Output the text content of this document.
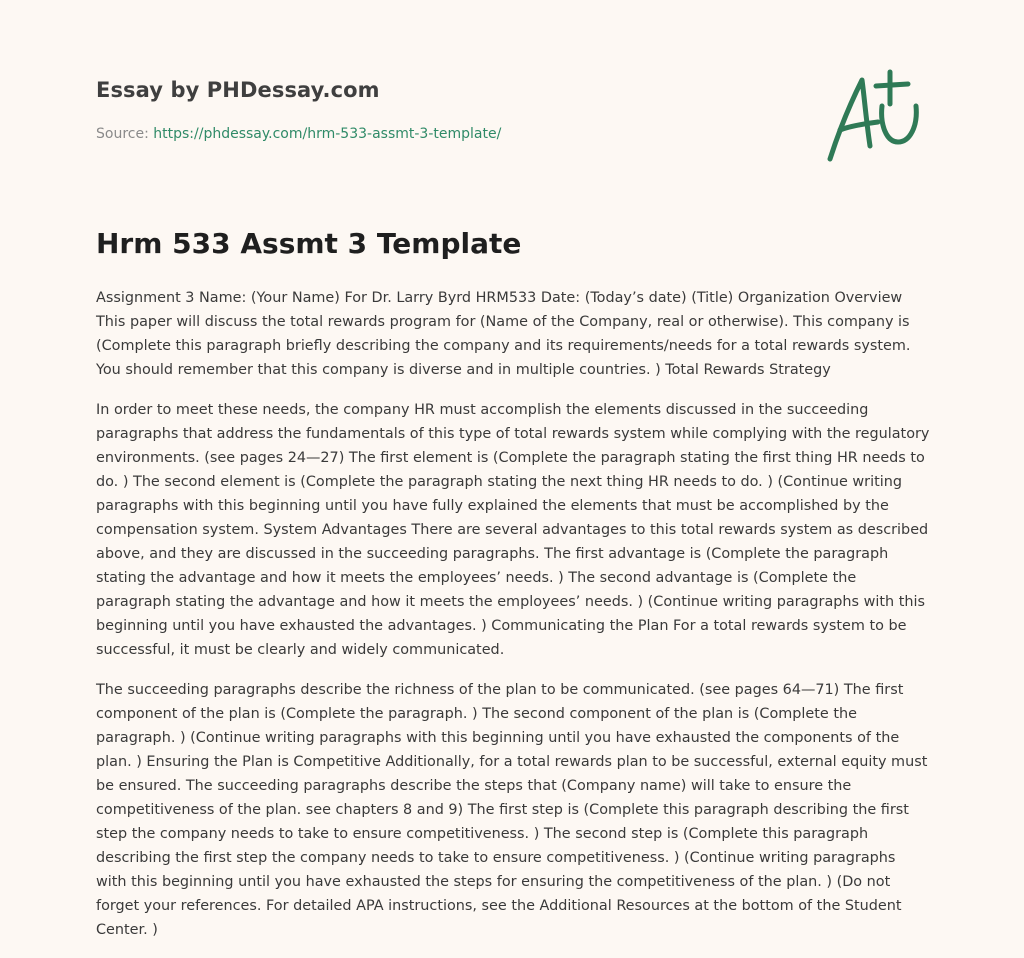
Essay by PHDessay.com
Source: https://phdessay.com/hrm-533-assmt-3-template/
Hrm 533 Assmt 3 Template

Assignment 3 Name: (Your Name) For Dr. Larry Byrd HRM533 Date: (Today’s date) (Title) Organization Overview This paper will discuss the total rewards program for (Name of the Company, real or otherwise). This company is (Complete this paragraph briefly describing the company and its requirements/needs for a total rewards system. You should remember that this company is diverse and in multiple countries. ) Total Rewards Strategy

In order to meet these needs, the company HR must accomplish the elements discussed in the succeeding paragraphs that address the fundamentals of this type of total rewards system while complying with the regulatory environments. (see pages 24—27) The first element is (Complete the paragraph stating the first thing HR needs to do. ) The second element is (Complete the paragraph stating the next thing HR needs to do. ) (Continue writing paragraphs with this beginning until you have fully explained the elements that must be accomplished by the compensation system. System Advantages There are several advantages to this total rewards system as described above, and they are discussed in the succeeding paragraphs. The first advantage is (Complete the paragraph stating the advantage and how it meets the employees’ needs. ) The second advantage is (Complete the paragraph stating the advantage and how it meets the employees’ needs. ) (Continue writing paragraphs with this beginning until you have exhausted the advantages. ) Communicating the Plan For a total rewards system to be successful, it must be clearly and widely communicated.

The succeeding paragraphs describe the richness of the plan to be communicated. (see pages 64—71) The first component of the plan is (Complete the paragraph. ) The second component of the plan is (Complete the paragraph. ) (Continue writing paragraphs with this beginning until you have exhausted the components of the plan. ) Ensuring the Plan is Competitive Additionally, for a total rewards plan to be successful, external equity must be ensured. The succeeding paragraphs describe the steps that (Company name) will take to ensure the competitiveness of the plan. see chapters 8 and 9) The first step is (Complete this paragraph describing the first step the company needs to take to ensure competitiveness. ) The second step is (Complete this paragraph describing the first step the company needs to take to ensure competitiveness. ) (Continue writing paragraphs with this beginning until you have exhausted the steps for ensuring the competitiveness of the plan. ) (Do not forget your references. For detailed APA instructions, see the Additional Resources at the bottom of the Student Center. )
